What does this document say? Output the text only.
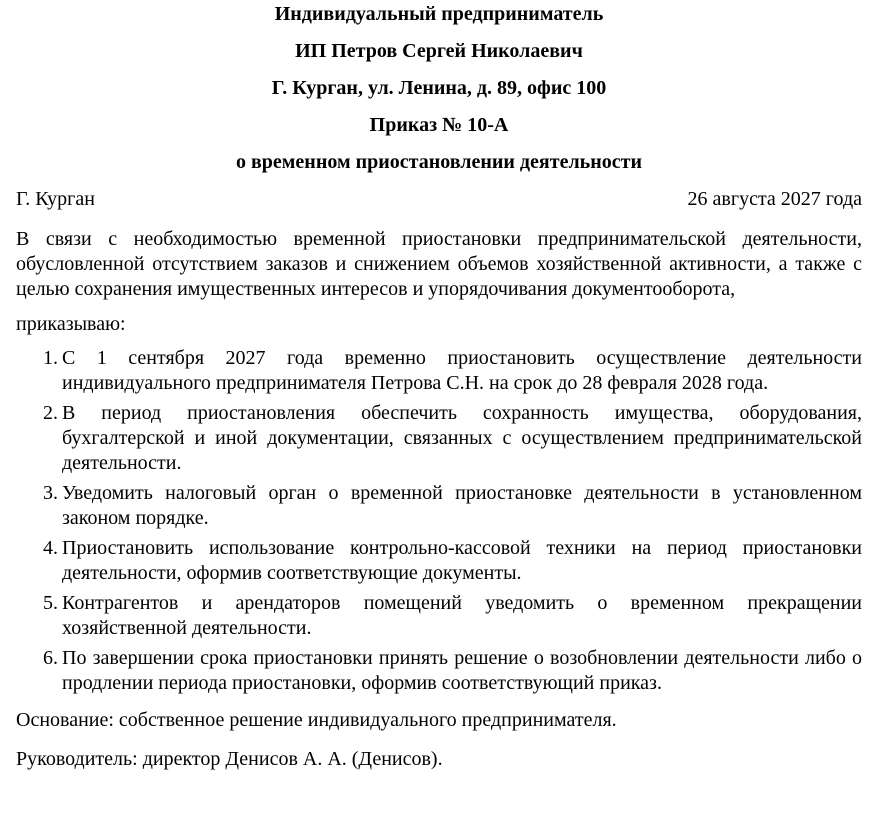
Индивидуальный предприниматель

ИП Петров Сергей Николаевич

Г. Курган, ул. Ленина, д. 89, офис 100

Приказ № 10-А

о временном приостановлении деятельности

Г. Курган	26 августа 2027 года
В связи с необходимостью временной приостановки предпринимательской деятельности, обусловленной отсутствием заказов и снижением объемов хозяйственной активности, а также с целью сохранения имущественных интересов и упорядочивания документооборота,
приказываю:
1. С 1 сентября 2027 года временно приостановить осуществление деятельности индивидуального предпринимателя Петрова С.Н. на срок до 28 февраля 2028 года.
2. В период приостановления обеспечить сохранность имущества, оборудования, бухгалтерской и иной документации, связанных с осуществлением предпринимательской деятельности.
3. Уведомить налоговый орган о временной приостановке деятельности в установленном законом порядке.
4. Приостановить использование контрольно-кассовой техники на период приостановки деятельности, оформив соответствующие документы.
5. Контрагентов и арендаторов помещений уведомить о временном прекращении хозяйственной деятельности.
6. По завершении срока приостановки принять решение о возобновлении деятельности либо о продлении периода приостановки, оформив соответствующий приказ.
Основание: собственное решение индивидуального предпринимателя.
Руководитель: директор Денисов А. А. (Денисов).
